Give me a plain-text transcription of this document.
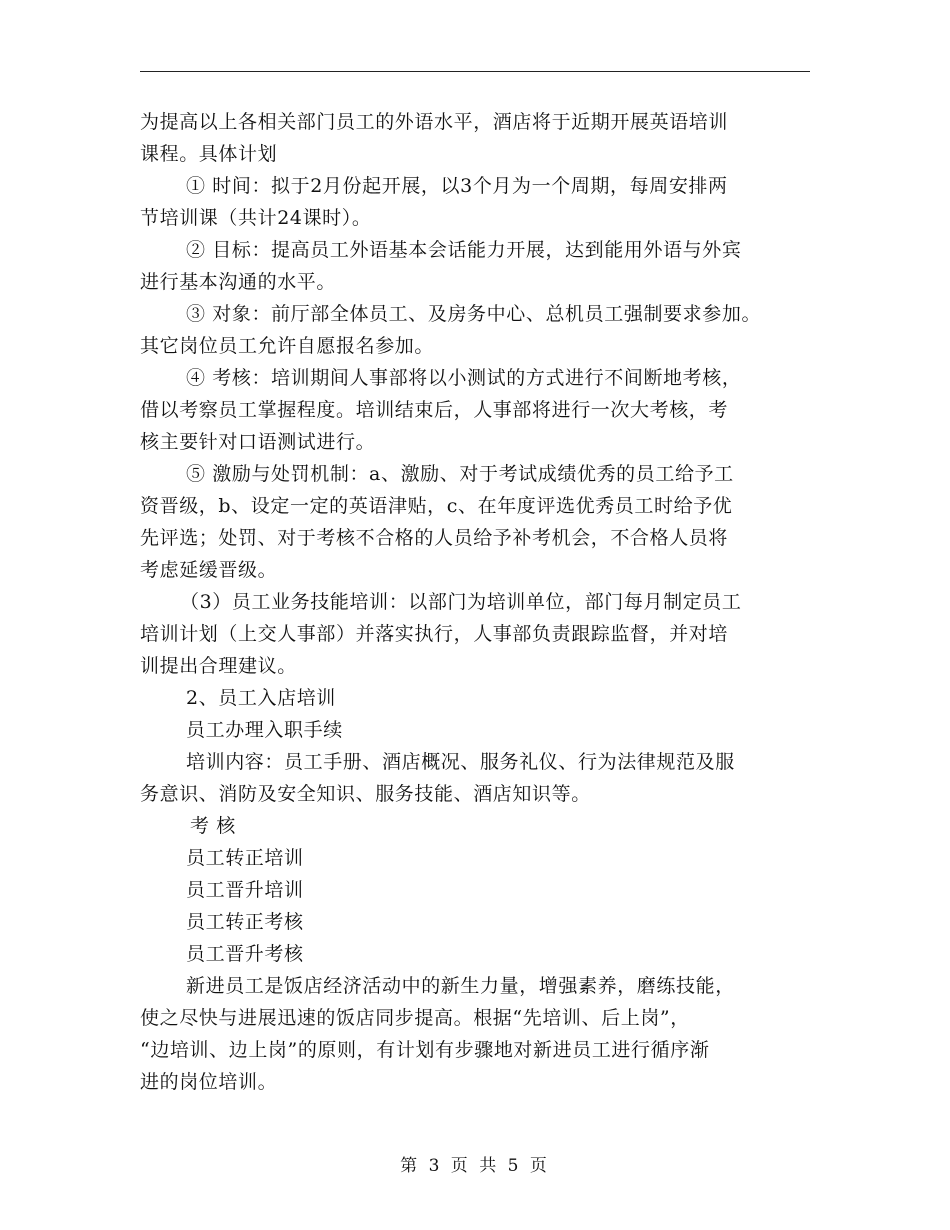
为提高以上各相关部门员工的外语水平，酒店将于近期开展英语培训
课程。具体计划
① 时间：拟于2月份起开展，以3个月为一个周期，每周安排两
节培训课（共计24课时）。
② 目标：提高员工外语基本会话能力开展，达到能用外语与外宾
进行基本沟通的水平。
③ 对象：前厅部全体员工、及房务中心、总机员工强制要求参加。
其它岗位员工允许自愿报名参加。
④ 考核：培训期间人事部将以小测试的方式进行不间断地考核，
借以考察员工掌握程度。培训结束后，人事部将进行一次大考核，考
核主要针对口语测试进行。
⑤ 激励与处罚机制：a、激励、对于考试成绩优秀的员工给予工
资晋级，b、设定一定的英语津贴，c、在年度评选优秀员工时给予优
先评选；处罚、对于考核不合格的人员给予补考机会，不合格人员将
考虑延缓晋级。
（3）员工业务技能培训：以部门为培训单位，部门每月制定员工
培训计划（上交人事部）并落实执行，人事部负责跟踪监督，并对培
训提出合理建议。
2、员工入店培训
员工办理入职手续
培训内容：员工手册、酒店概况、服务礼仪、行为法律规范及服
务意识、消防及安全知识、服务技能、酒店知识等。
考 核
员工转正培训
员工晋升培训
员工转正考核
员工晋升考核
新进员工是饭店经济活动中的新生力量，增强素养，磨练技能，
使之尽快与进展迅速的饭店同步提高。根据“先培训、后上岗”，
“边培训、边上岗”的原则，有计划有步骤地对新进员工进行循序渐
进的岗位培训。
第 3 页 共 5 页
